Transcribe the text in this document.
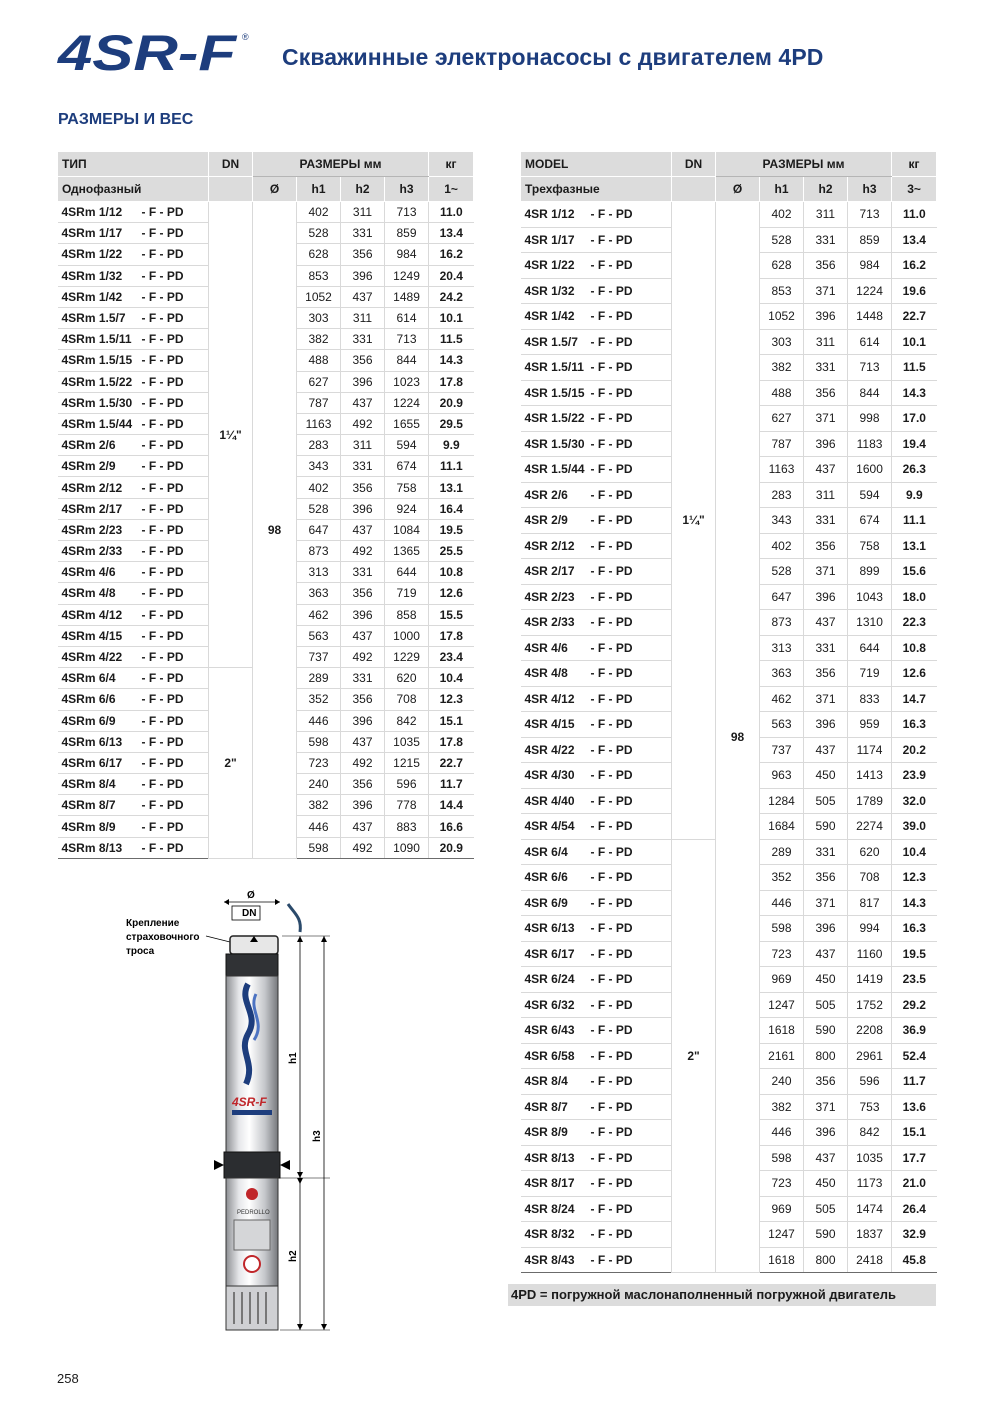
4SR-F ®
Скважинные электронасосы с двигателем 4PD
РАЗМЕРЫ И ВЕС
ТИП	DN	РАЗМЕРЫ мм				кг
Однофазный		Ø	h1	h2	h3	1~
4SRm 1/12 - F - PD	1¼"	98	402	311	713	11.0
4SRm 1/17 - F - PD			528	331	859	13.4
4SRm 1/22 - F - PD			628	356	984	16.2
4SRm 1/32 - F - PD			853	396	1249	20.4
4SRm 1/42 - F - PD			1052	437	1489	24.2
4SRm 1.5/7 - F - PD			303	311	614	10.1
4SRm 1.5/11 - F - PD			382	331	713	11.5
4SRm 1.5/15 - F - PD			488	356	844	14.3
4SRm 1.5/22 - F - PD			627	396	1023	17.8
4SRm 1.5/30 - F - PD			787	437	1224	20.9
4SRm 1.5/44 - F - PD			1163	492	1655	29.5
4SRm 2/6 - F - PD			283	311	594	9.9
4SRm 2/9 - F - PD			343	331	674	11.1
4SRm 2/12 - F - PD			402	356	758	13.1
4SRm 2/17 - F - PD			528	396	924	16.4
4SRm 2/23 - F - PD			647	437	1084	19.5
4SRm 2/33 - F - PD			873	492	1365	25.5
4SRm 4/6 - F - PD			313	331	644	10.8
4SRm 4/8 - F - PD			363	356	719	12.6
4SRm 4/12 - F - PD			462	396	858	15.5
4SRm 4/15 - F - PD			563	437	1000	17.8
4SRm 4/22 - F - PD			737	492	1229	23.4
4SRm 6/4 - F - PD	2"		289	331	620	10.4
4SRm 6/6 - F - PD			352	356	708	12.3
4SRm 6/9 - F - PD			446	396	842	15.1
4SRm 6/13 - F - PD			598	437	1035	17.8
4SRm 6/17 - F - PD			723	492	1215	22.7
4SRm 8/4 - F - PD			240	356	596	11.7
4SRm 8/7 - F - PD			382	396	778	14.4
4SRm 8/9 - F - PD			446	437	883	16.6
4SRm 8/13 - F - PD			598	492	1090	20.9
MODEL	DN	РАЗМЕРЫ мм				кг
Трехфазные		Ø	h1	h2	h3	3~
4SR 1/12 - F - PD	1¼"	98	402	311	713	11.0
4SR 1/17 - F - PD			528	331	859	13.4
4SR 1/22 - F - PD			628	356	984	16.2
4SR 1/32 - F - PD			853	371	1224	19.6
4SR 1/42 - F - PD			1052	396	1448	22.7
4SR 1.5/7 - F - PD			303	311	614	10.1
4SR 1.5/11 - F - PD			382	331	713	11.5
4SR 1.5/15 - F - PD			488	356	844	14.3
4SR 1.5/22 - F - PD			627	371	998	17.0
4SR 1.5/30 - F - PD			787	396	1183	19.4
4SR 1.5/44 - F - PD			1163	437	1600	26.3
4SR 2/6 - F - PD			283	311	594	9.9
4SR 2/9 - F - PD			343	331	674	11.1
4SR 2/12 - F - PD			402	356	758	13.1
4SR 2/17 - F - PD			528	371	899	15.6
4SR 2/23 - F - PD			647	396	1043	18.0
4SR 2/33 - F - PD			873	437	1310	22.3
4SR 4/6 - F - PD			313	331	644	10.8
4SR 4/8 - F - PD			363	356	719	12.6
4SR 4/12 - F - PD			462	371	833	14.7
4SR 4/15 - F - PD			563	396	959	16.3
4SR 4/22 - F - PD			737	437	1174	20.2
4SR 4/30 - F - PD			963	450	1413	23.9
4SR 4/40 - F - PD			1284	505	1789	32.0
4SR 4/54 - F - PD			1684	590	2274	39.0
4SR 6/4 - F - PD	2"		289	331	620	10.4
4SR 6/6 - F - PD			352	356	708	12.3
4SR 6/9 - F - PD			446	371	817	14.3
4SR 6/13 - F - PD			598	396	994	16.3
4SR 6/17 - F - PD			723	437	1160	19.5
4SR 6/24 - F - PD			969	450	1419	23.5
4SR 6/32 - F - PD			1247	505	1752	29.2
4SR 6/43 - F - PD			1618	590	2208	36.9
4SR 6/58 - F - PD			2161	800	2961	52.4
4SR 8/4 - F - PD			240	356	596	11.7
4SR 8/7 - F - PD			382	371	753	13.6
4SR 8/9 - F - PD			446	396	842	15.1
4SR 8/13 - F - PD			598	437	1035	17.7
4SR 8/17 - F - PD			723	450	1173	21.0
4SR 8/24 - F - PD			969	505	1474	26.4
4SR 8/32 - F - PD			1247	590	1837	32.9
4SR 8/43 - F - PD			1618	800	2418	45.8
Крепление
страховочного
троса
Ø
DN
4SR-F
PEDROLLO
h1
h2
h3
4PD = погружной маслонаполненный погружной двигатель
258
